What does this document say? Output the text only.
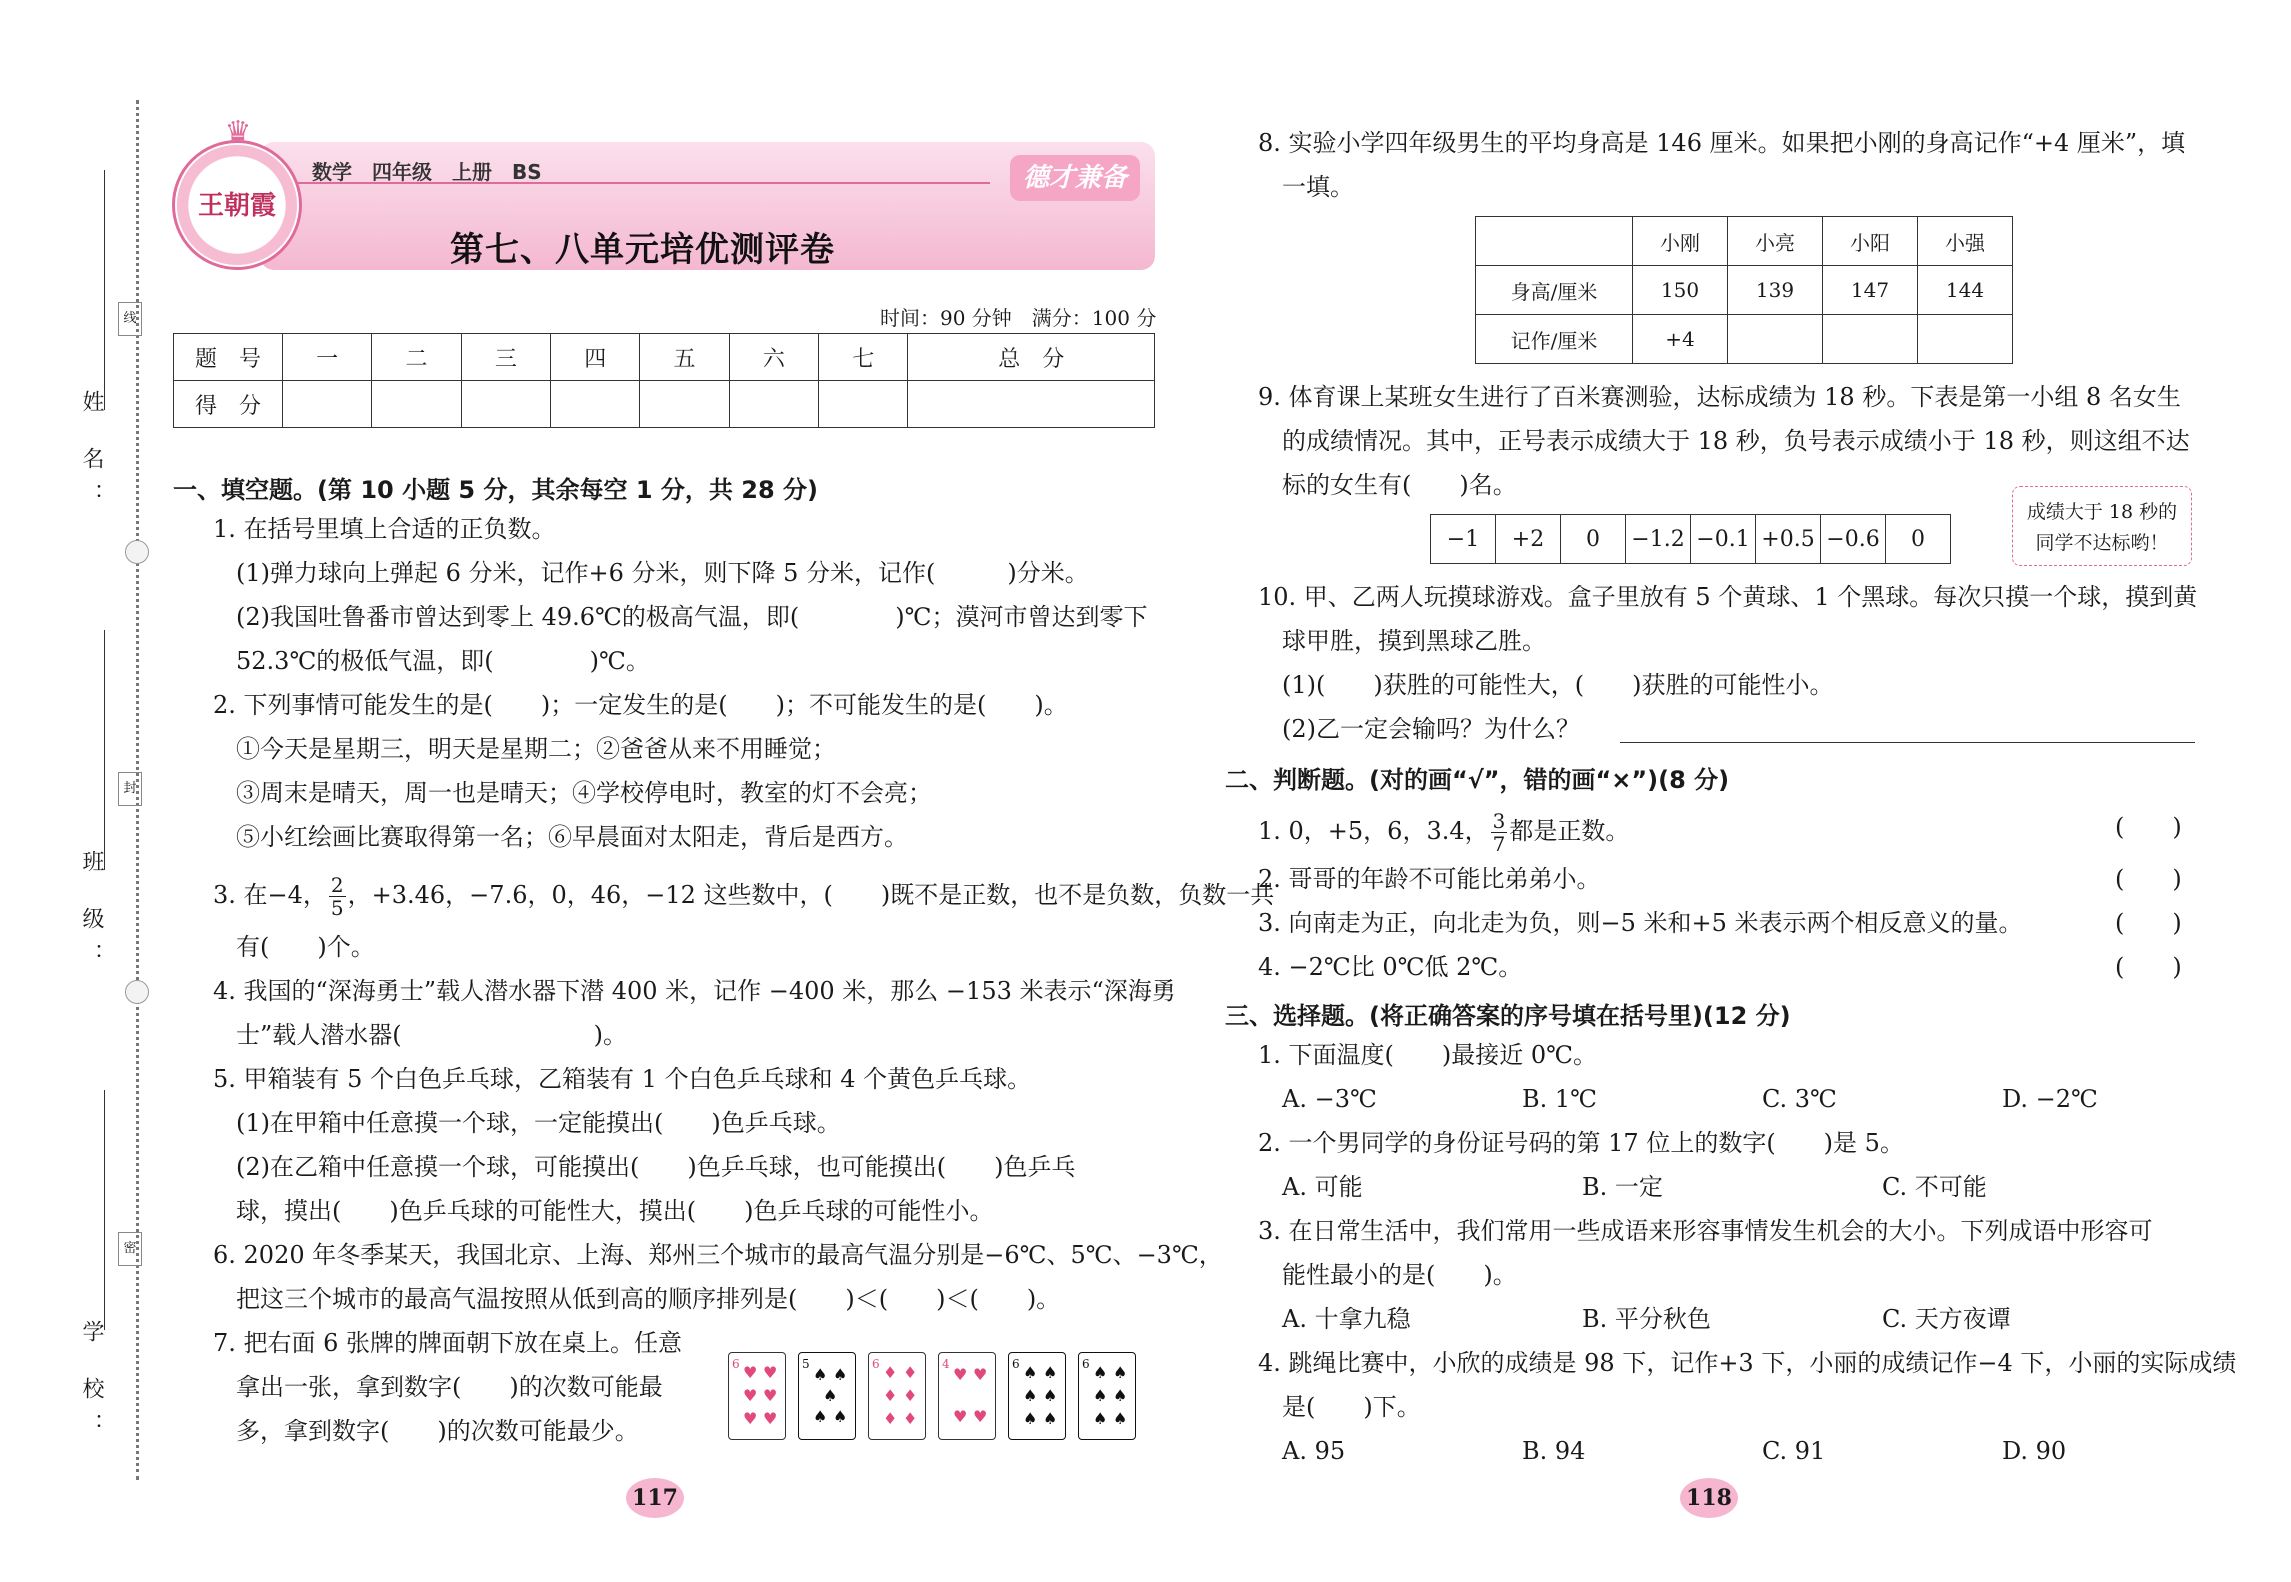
姓 名：
线
班 级：
封
学 校：
密
♛
王朝霞
数学　四年级　上册　BS
第七、八单元培优测评卷
德才兼备
时间：90 分钟　满分：100 分
题　号	一	二	三	四	五	六	七	总　分
得　分								
一、填空题。(第 10 小题 5 分，其余每空 1 分，共 28 分)
1. 在括号里填上合适的正负数。
(1)弹力球向上弹起 6 分米，记作+6 分米，则下降 5 分米，记作(　　　)分米。
(2)我国吐鲁番市曾达到零上 49.6℃的极高气温，即(　　　　)℃；漠河市曾达到零下
52.3℃的极低气温，即(　　　　)℃。
2. 下列事情可能发生的是(　　)；一定发生的是(　　)；不可能发生的是(　　)。
①今天是星期三，明天是星期二；②爸爸从来不用睡觉；
③周末是晴天，周一也是晴天；④学校停电时，教室的灯不会亮；
⑤小红绘画比赛取得第一名；⑥早晨面对太阳走，背后是西方。
3. 在−4， $\frac{2}{5}$ ，+3.46，−7.6，0，46，−12 这些数中，(　　)既不是正数，也不是负数，负数一共
有(　　)个。
4. 我国的“深海勇士”载人潜水器下潜 400 米，记作 −400 米，那么 −153 米表示“深海勇
士”载人潜水器(　　　　　　　　)。
5. 甲箱装有 5 个白色乒乓球，乙箱装有 1 个白色乒乓球和 4 个黄色乒乓球。
(1)在甲箱中任意摸一个球，一定能摸出(　　)色乒乓球。
(2)在乙箱中任意摸一个球，可能摸出(　　)色乒乓球，也可能摸出(　　)色乒乓
球，摸出(　　)色乒乓球的可能性大，摸出(　　)色乒乓球的可能性小。
6. 2020 年冬季某天，我国北京、上海、郑州三个城市的最高气温分别是−6℃、5℃、−3℃，
把这三个城市的最高气温按照从低到高的顺序排列是(　　)＜(　　)＜(　　)。
7. 把右面 6 张牌的牌面朝下放在桌上。任意
拿出一张，拿到数字(　　)的次数可能最
多，拿到数字(　　)的次数可能最少。
6 ♥ ♥
♥ ♥
♥ ♥
5
♠ ♠
♠
♠ ♠
6 ♦ ♦
♦ ♦
♦ ♦
4
♥ ♥
♥ ♥
6 ♠ ♠
♠ ♠
♠ ♠
6 ♠ ♠
♠ ♠
♠ ♠
117
8. 实验小学四年级男生的平均身高是 146 厘米。如果把小刚的身高记作“+4 厘米”，填
一填。
	小刚	小亮	小阳	小强
身高/厘米	150	139	147	144
记作/厘米	+4			
9. 体育课上某班女生进行了百米赛测验，达标成绩为 18 秒。下表是第一小组 8 名女生
的成绩情况。其中，正号表示成绩大于 18 秒，负号表示成绩小于 18 秒，则这组不达
标的女生有(　　)名。
−1	+2	0	−1.2	−0.1	+0.5	−0.6	0
成绩大于 18 秒的
同学不达标哟！
10. 甲、乙两人玩摸球游戏。盒子里放有 5 个黄球、1 个黑球。每次只摸一个球，摸到黄
球甲胜，摸到黑球乙胜。
(1)(　　)获胜的可能性大，(　　)获胜的可能性小。
(2)乙一定会输吗？为什么？
二、判断题。(对的画“√”，错的画“×”)(8 分)
1. 0，+5，6，3.4， $\frac{3}{7}$ 都是正数。	(　　)
2. 哥哥的年龄不可能比弟弟小。	(　　)
3. 向南走为正，向北走为负，则−5 米和+5 米表示两个相反意义的量。	(　　)
4. −2℃比 0℃低 2℃。	(　　)
三、选择题。(将正确答案的序号填在括号里)(12 分)
1. 下面温度(　　)最接近 0℃。
A. −3℃	B. 1℃	C. 3℃	D. −2℃
2. 一个男同学的身份证号码的第 17 位上的数字(　　)是 5。
A. 可能	B. 一定	C. 不可能
3. 在日常生活中，我们常用一些成语来形容事情发生机会的大小。下列成语中形容可
能性最小的是(　　)。
A. 十拿九稳	B. 平分秋色	C. 天方夜谭
4. 跳绳比赛中，小欣的成绩是 98 下，记作+3 下，小丽的成绩记作−4 下，小丽的实际成绩
是(　　)下。
A. 95	B. 94	C. 91	D. 90
118
